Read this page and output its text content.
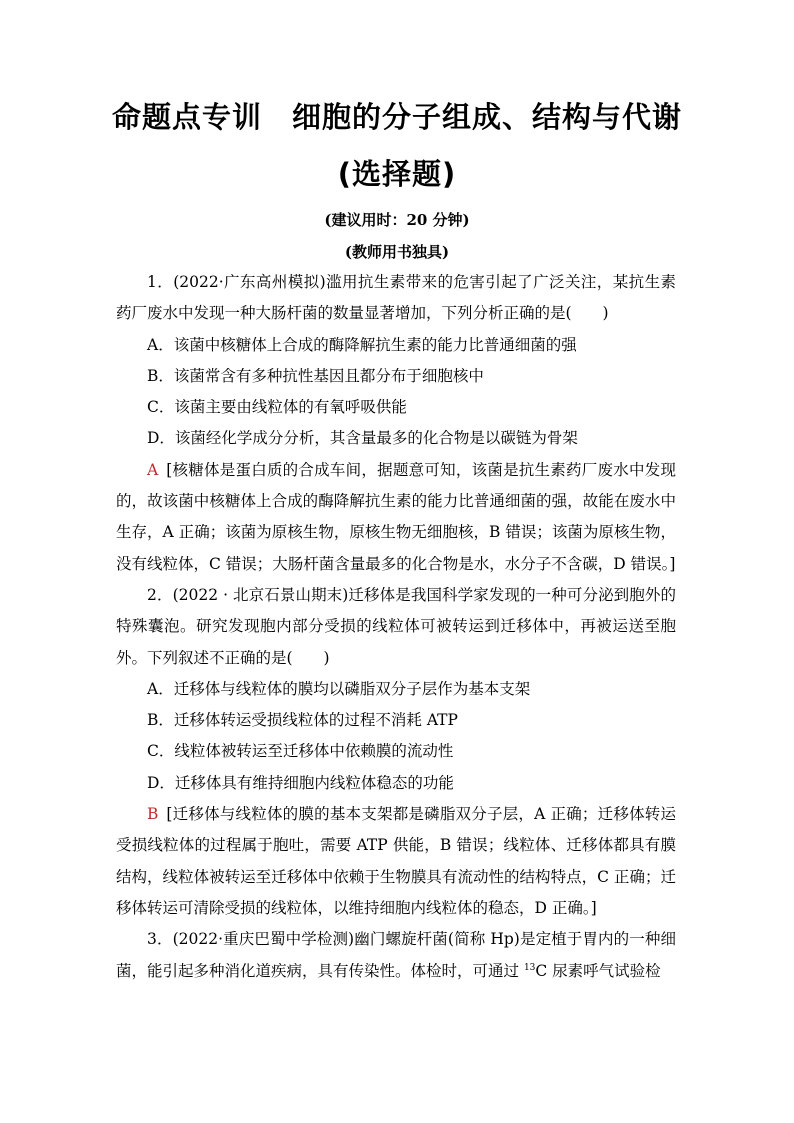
命题点专训　细胞的分子组成、结构与代谢
(选择题)
(建议用时：20 分钟)
(教师用书独具)

1．(2022·广东高州模拟)滥用抗生素带来的危害引起了广泛关注，某抗生素药厂废水中发现一种大肠杆菌的数量显著增加，下列分析正确的是(　　)

A．该菌中核糖体上合成的酶降解抗生素的能力比普通细菌的强

B．该菌常含有多种抗性基因且都分布于细胞核中

C．该菌主要由线粒体的有氧呼吸供能

D．该菌经化学成分分析，其含量最多的化合物是以碳链为骨架

A [核糖体是蛋白质的合成车间，据题意可知，该菌是抗生素药厂废水中发现的，故该菌中核糖体上合成的酶降解抗生素的能力比普通细菌的强，故能在废水中生存，A 正确；该菌为原核生物，原核生物无细胞核，B 错误；该菌为原核生物，没有线粒体，C 错误；大肠杆菌含量最多的化合物是水，水分子不含碳，D 错误。]

2．(2022 · 北京石景山期末)迁移体是我国科学家发现的一种可分泌到胞外的特殊囊泡。研究发现胞内部分受损的线粒体可被转运到迁移体中，再被运送至胞外。下列叙述不正确的是(　　)

A．迁移体与线粒体的膜均以磷脂双分子层作为基本支架

B．迁移体转运受损线粒体的过程不消耗 ATP

C．线粒体被转运至迁移体中依赖膜的流动性

D．迁移体具有维持细胞内线粒体稳态的功能

B [迁移体与线粒体的膜的基本支架都是磷脂双分子层，A 正确；迁移体转运受损线粒体的过程属于胞吐，需要 ATP 供能，B 错误；线粒体、迁移体都具有膜结构，线粒体被转运至迁移体中依赖于生物膜具有流动性的结构特点，C 正确；迁移体转运可清除受损的线粒体，以维持细胞内线粒体的稳态，D 正确。]

3．(2022·重庆巴蜀中学检测)幽门螺旋杆菌(简称 Hp)是定植于胃内的一种细菌，能引起多种消化道疾病，具有传染性。体检时，可通过 $^{13}$C 尿素呼气试验检
